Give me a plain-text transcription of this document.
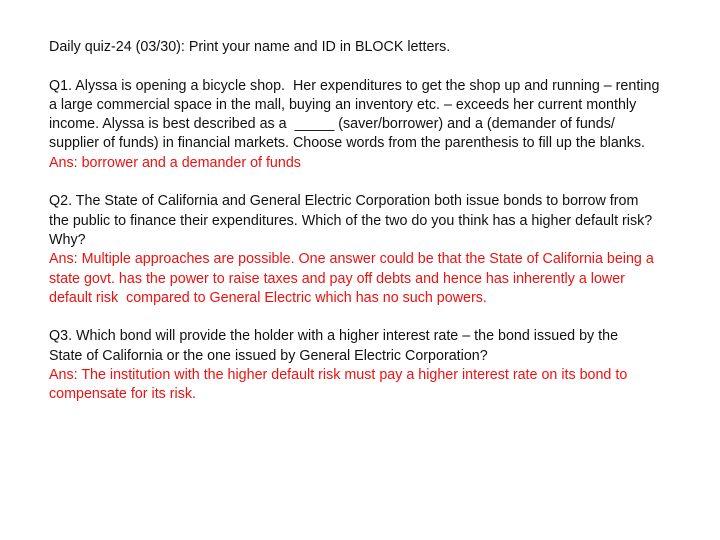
Daily quiz-24 (03/30): Print your name and ID in BLOCK letters.
Q1. Alyssa is opening a bicycle shop.  Her expenditures to get the shop up and running – renting
a large commercial space in the mall, buying an inventory etc. – exceeds her current monthly
income. Alyssa is best described as a  _____ (saver/borrower) and a (demander of funds/
supplier of funds) in financial markets. Choose words from the parenthesis to fill up the blanks.
Ans: borrower and a demander of funds
Q2. The State of California and General Electric Corporation both issue bonds to borrow from
the public to finance their expenditures. Which of the two do you think has a higher default risk?
Why?
Ans: Multiple approaches are possible. One answer could be that the State of California being a
state govt. has the power to raise taxes and pay off debts and hence has inherently a lower
default risk  compared to General Electric which has no such powers.
Q3. Which bond will provide the holder with a higher interest rate – the bond issued by the
State of California or the one issued by General Electric Corporation?
Ans: The institution with the higher default risk must pay a higher interest rate on its bond to
compensate for its risk.
